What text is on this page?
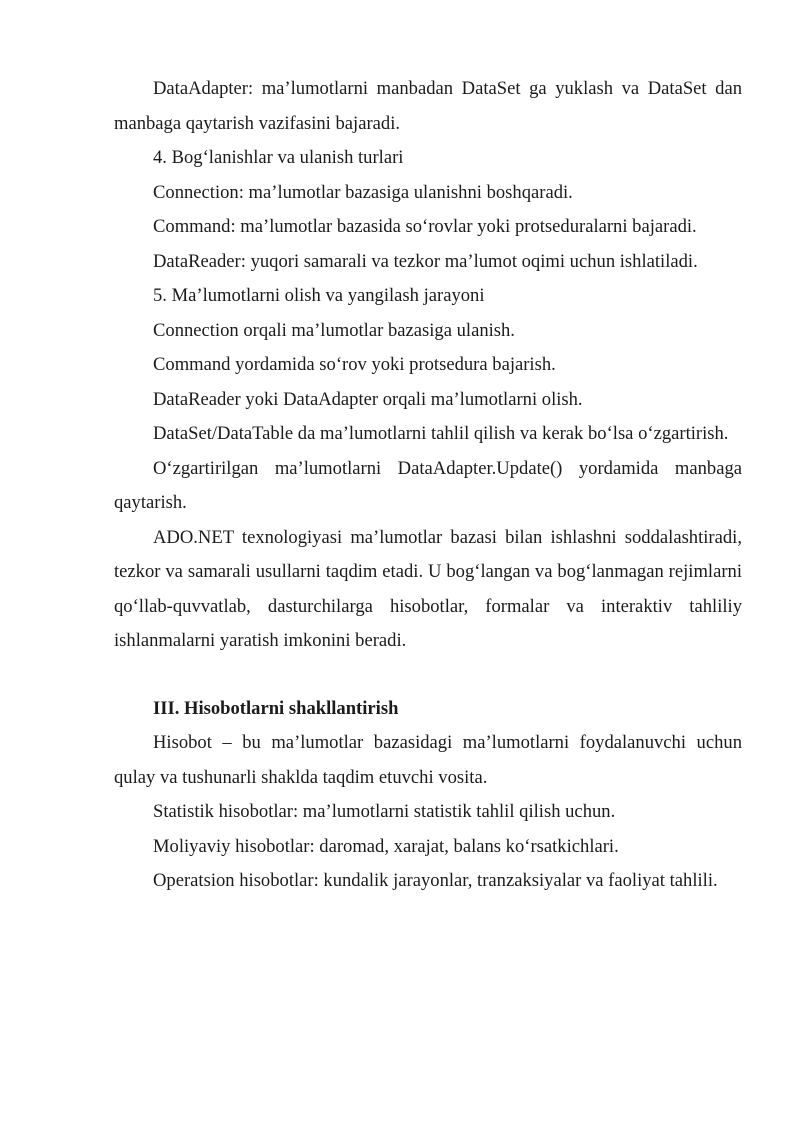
DataAdapter: ma’lumotlarni manbadan DataSet ga yuklash va DataSet dan manbaga qaytarish vazifasini bajaradi.

4. Bog‘lanishlar va ulanish turlari

Connection: ma’lumotlar bazasiga ulanishni boshqaradi.

Command: ma’lumotlar bazasida so‘rovlar yoki protseduralarni bajaradi.

DataReader: yuqori samarali va tezkor ma’lumot oqimi uchun ishlatiladi.

5. Ma’lumotlarni olish va yangilash jarayoni

Connection orqali ma’lumotlar bazasiga ulanish.

Command yordamida so‘rov yoki protsedura bajarish.

DataReader yoki DataAdapter orqali ma’lumotlarni olish.

DataSet/DataTable da ma’lumotlarni tahlil qilish va kerak bo‘lsa o‘zgartirish.

O‘zgartirilgan ma’lumotlarni DataAdapter.Update() yordamida manbaga qaytarish.

ADO.NET texnologiyasi ma’lumotlar bazasi bilan ishlashni soddalashtiradi, tezkor va samarali usullarni taqdim etadi. U bog‘langan va bog‘lanmagan rejimlarni qo‘llab-quvvatlab, dasturchilarga hisobotlar, formalar va interaktiv tahliliy ishlanmalarni yaratish imkonini beradi.

III. Hisobotlarni shakllantirish

Hisobot – bu ma’lumotlar bazasidagi ma’lumotlarni foydalanuvchi uchun qulay va tushunarli shaklda taqdim etuvchi vosita.

Statistik hisobotlar: ma’lumotlarni statistik tahlil qilish uchun.

Moliyaviy hisobotlar: daromad, xarajat, balans ko‘rsatkichlari.

Operatsion hisobotlar: kundalik jarayonlar, tranzaksiyalar va faoliyat tahlili.
